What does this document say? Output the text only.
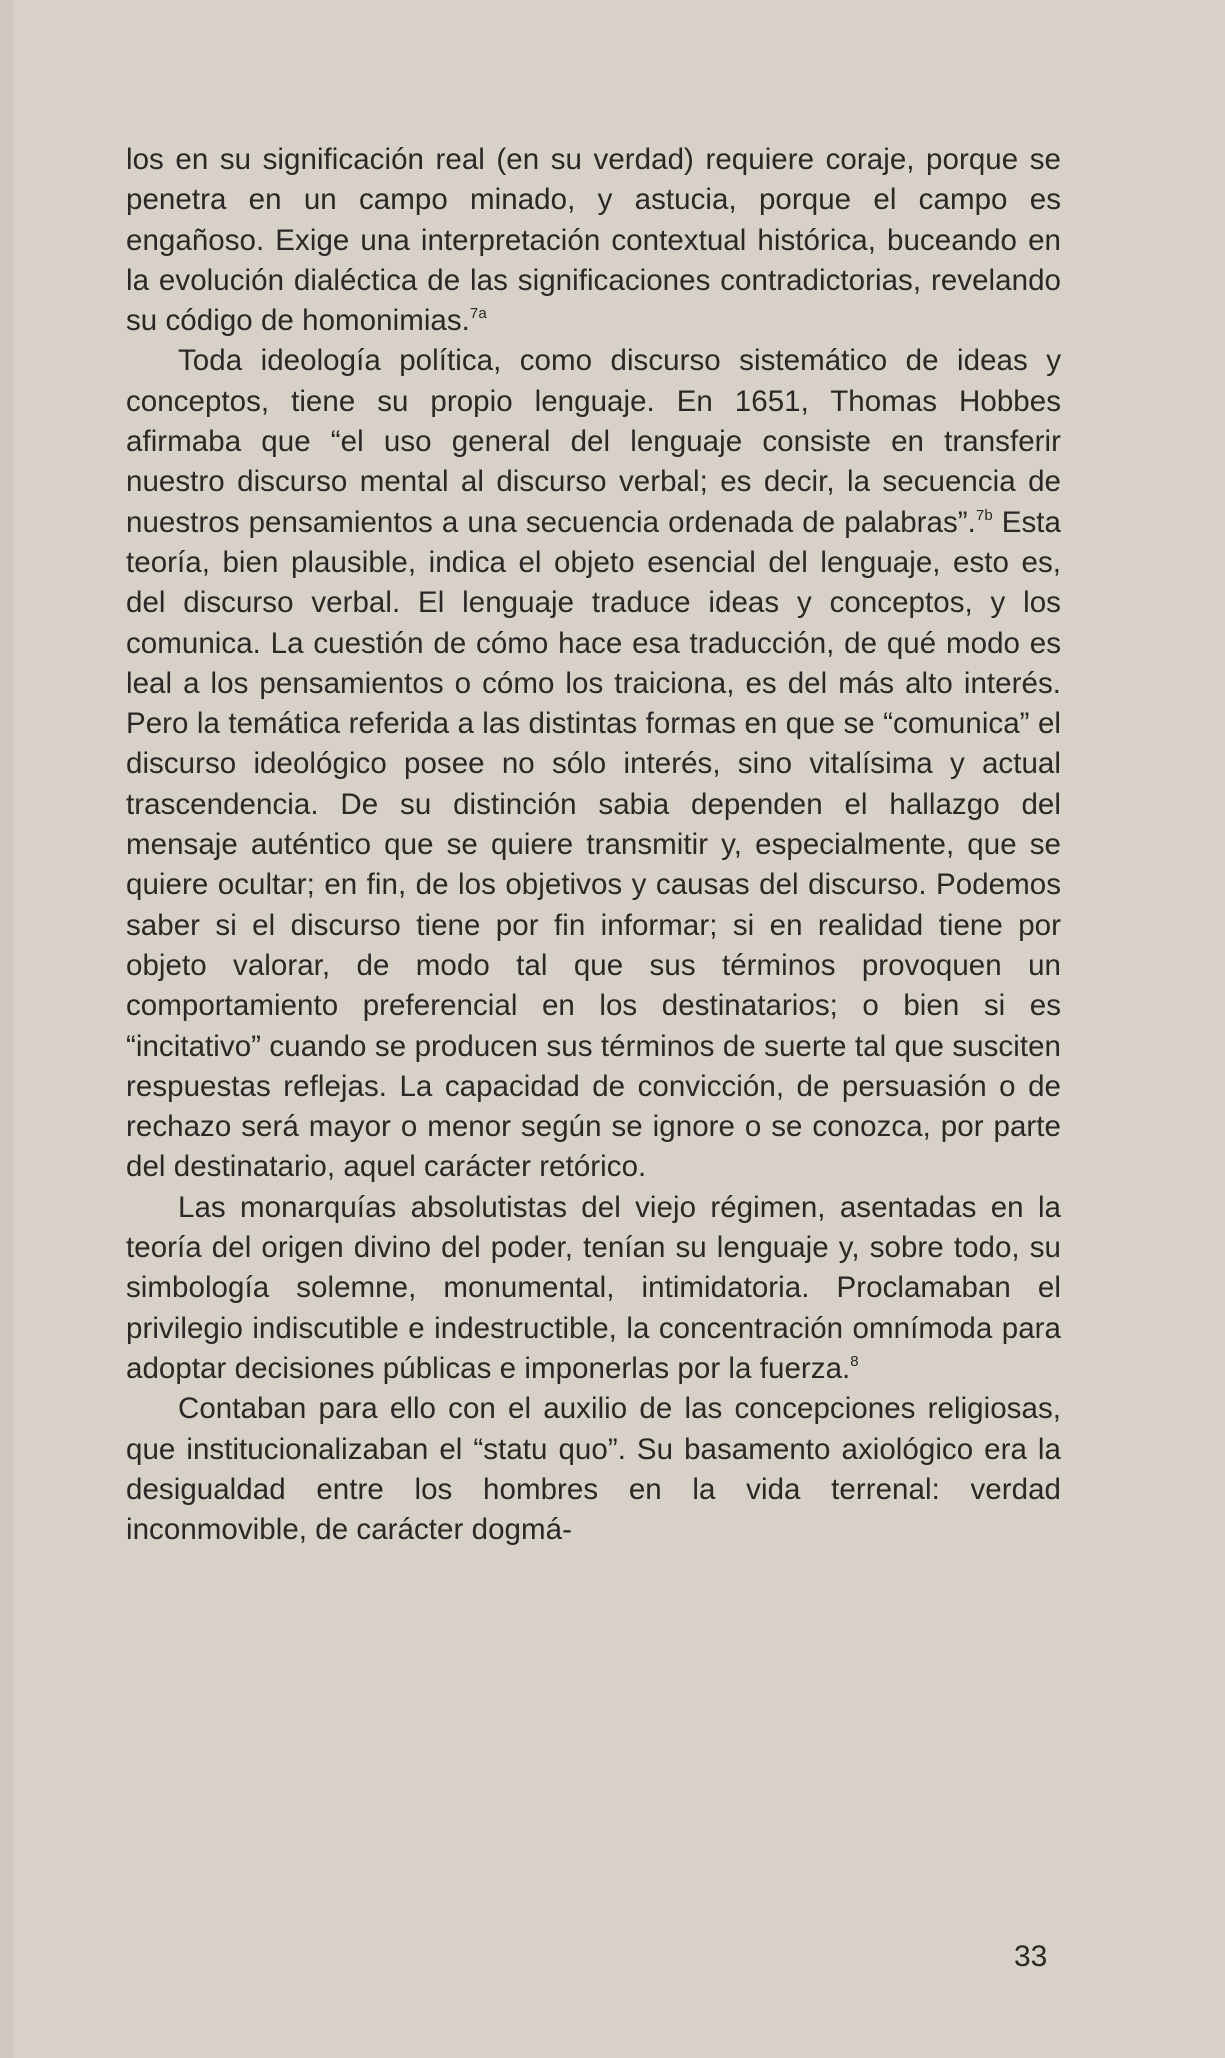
los en su significación real (en su verdad) requiere coraje, porque se penetra en un campo minado, y astucia, porque el campo es engañoso. Exige una interpretación contextual histórica, buceando en la evolución dialéctica de las significaciones contradictorias, revelando su código de homonimias.$^{7a}$

Toda ideología política, como discurso sistemático de ideas y conceptos, tiene su propio lenguaje. En 1651, Thomas Hobbes afirmaba que “el uso general del lenguaje consiste en transferir nuestro discurso mental al discurso verbal; es decir, la secuencia de nuestros pensamientos a una secuencia ordenada de palabras”.$^{7b}$ Esta teoría, bien plausible, indica el objeto esencial del lenguaje, esto es, del discurso verbal. El lenguaje traduce ideas y conceptos, y los comunica. La cuestión de cómo hace esa traducción, de qué modo es leal a los pensamientos o cómo los traiciona, es del más alto interés. Pero la temática referida a las distintas formas en que se “comunica” el discurso ideológico posee no sólo interés, sino vitalísima y actual trascendencia. De su distinción sabia dependen el hallazgo del mensaje auténtico que se quiere transmitir y, especialmente, que se quiere ocultar; en fin, de los objetivos y causas del discurso. Podemos saber si el discurso tiene por fin informar; si en realidad tiene por objeto valorar, de modo tal que sus términos provoquen un comportamiento preferencial en los destinatarios; o bien si es “incitativo” cuando se producen sus términos de suerte tal que susciten respuestas reflejas. La capacidad de convicción, de persuasión o de rechazo será mayor o menor según se ignore o se conozca, por parte del destinatario, aquel carácter retórico.

Las monarquías absolutistas del viejo régimen, asentadas en la teoría del origen divino del poder, tenían su lenguaje y, sobre todo, su simbología solemne, monumental, intimidatoria. Proclamaban el privilegio indiscutible e indestructible, la concentración omnímoda para adoptar decisiones públicas e imponerlas por la fuerza.$^8$

Contaban para ello con el auxilio de las concepciones religiosas, que institucionalizaban el “statu quo”. Su basamento axiológico era la desigualdad entre los hombres en la vida terrenal: verdad inconmovible, de carácter dogmá-

33
